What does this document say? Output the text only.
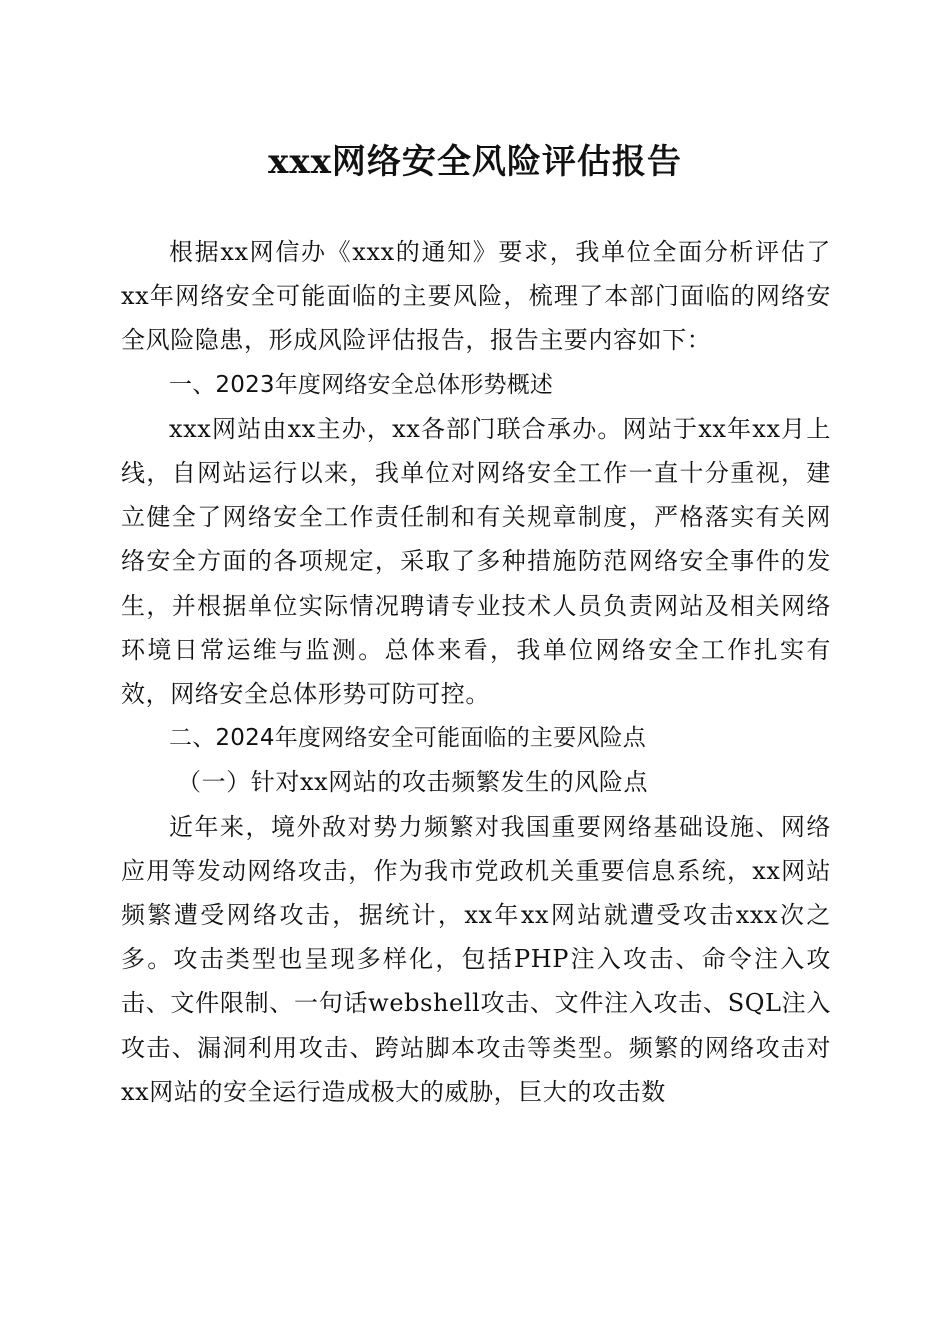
xxx网络安全风险评估报告

根据xx网信办《xxx的通知》要求，我单位全面分析评估了xx年网络安全可能面临的主要风险，梳理了本部门面临的网络安全风险隐患，形成风险评估报告，报告主要内容如下：

一、2023年度网络安全总体形势概述

xxx网站由xx主办，xx各部门联合承办。网站于xx年xx月上线，自网站运行以来，我单位对网络安全工作一直十分重视，建立健全了网络安全工作责任制和有关规章制度，严格落实有关网络安全方面的各项规定，采取了多种措施防范网络安全事件的发生，并根据单位实际情况聘请专业技术人员负责网站及相关网络环境日常运维与监测。总体来看，我单位网络安全工作扎实有效，网络安全总体形势可防可控。

二、2024年度网络安全可能面临的主要风险点

（一）针对xx网站的攻击频繁发生的风险点

近年来，境外敌对势力频繁对我国重要网络基础设施、网络应用等发动网络攻击，作为我市党政机关重要信息系统，xx网站频繁遭受网络攻击，据统计，xx年xx网站就遭受攻击xxx次之多。攻击类型也呈现多样化，包括PHP注入攻击、命令注入攻击、文件限制、一句话webshell攻击、文件注入攻击、SQL注入攻击、漏洞利用攻击、跨站脚本攻击等类型。频繁的网络攻击对xx网站的安全运行造成极大的威胁，巨大的攻击数
